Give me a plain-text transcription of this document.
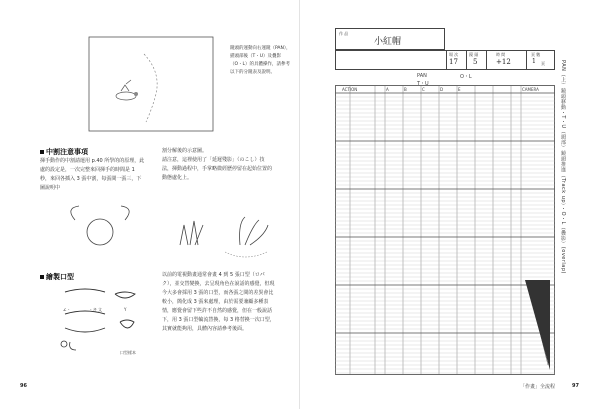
鏡頭的運動向右運鏡（PAN），描頭部後（T・U）及疊影（O・L）的具體操作，請參考以下的分鏡表及說明。
中割注意事項
揮手動作的中割請運用 p.40 所學的的原理，此處的設定是，一次完整來回揮手的時間是 1 秒，來回各插入 3 張中割，每張間一張三，下圖說明中
割分解後的示意圖。
請注意，這裡使用了「延遲殘影」（のこし）技法，揮動過程中，手掌略微經歷停留在起始位置的動態處化上。
繪製口型
∠ -	- ヰ 文	Y
口型樣本
以前的電視動畫通常會畫 4 到 5 張口型（ロパク），並交替變換，去呈現角色在說話的感覺，但現今大多會採用 3 張的口型，而各張之間的差異會比較小，簡化成 3 張來處理，由於需要兼顧多種表情，應覺會留下些許不自然的感覺，但在一般說話下，用 3 張口型輪流替換，每 3 格替換一次口型，其實就能夠用，具體內容請參考後面。
96
作 品
小紅帽
場 次	鏡 頭	時 間	頁 數
17 5	+12	1 頁
PAN
T・U
O・L
ACTION	A	B	C	D	E	CAMERA	PAN（上）鏡頭移動・T・U（頭部）鏡頭推進（Track up）・O・L（疊影）(overlap)
「作畫」全流程	97
